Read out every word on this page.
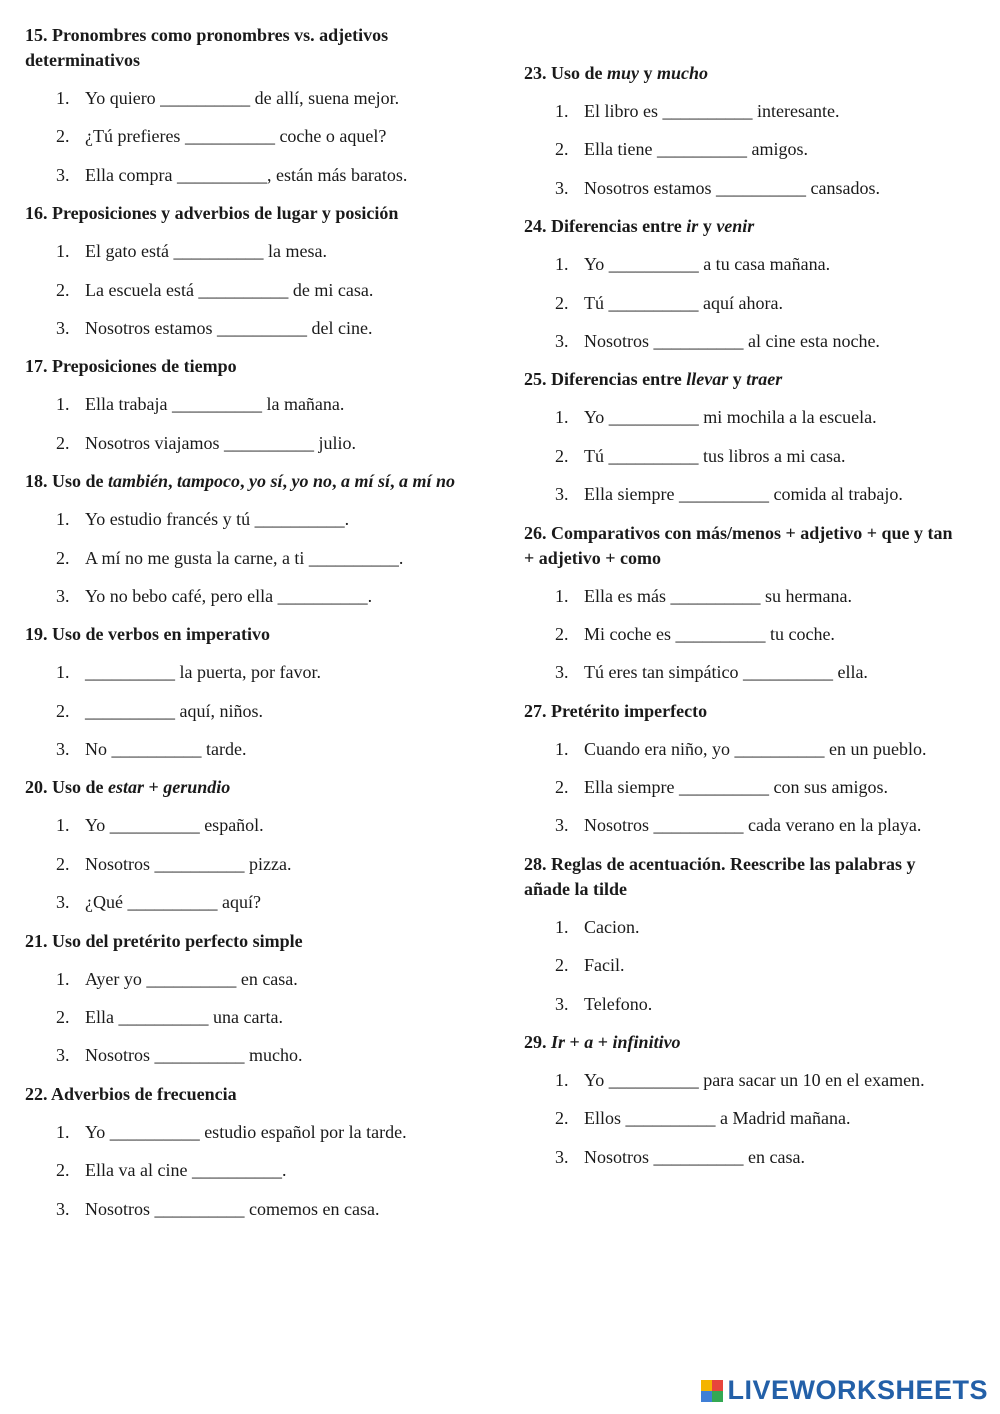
15. Pronombres como pronombres vs. adjetivos determinativos
1. Yo quiero __________ de allí, suena mejor.
2. ¿Tú prefieres __________ coche o aquel?
3. Ella compra __________, están más baratos.
16. Preposiciones y adverbios de lugar y posición
1. El gato está __________ la mesa.
2. La escuela está __________ de mi casa.
3. Nosotros estamos __________ del cine.
17. Preposiciones de tiempo
1. Ella trabaja __________ la mañana.
2. Nosotros viajamos __________ julio.
18. Uso de también, tampoco, yo sí, yo no, a mí sí, a mí no
1. Yo estudio francés y tú __________.
2. A mí no me gusta la carne, a ti __________.
3. Yo no bebo café, pero ella __________.
19. Uso de verbos en imperativo
1. __________ la puerta, por favor.
2. __________ aquí, niños.
3. No __________ tarde.
20. Uso de estar + gerundio
1. Yo __________ español.
2. Nosotros __________ pizza.
3. ¿Qué __________ aquí?
21. Uso del pretérito perfecto simple
1. Ayer yo __________ en casa.
2. Ella __________ una carta.
3. Nosotros __________ mucho.
22. Adverbios de frecuencia
1. Yo __________ estudio español por la tarde.
2. Ella va al cine __________.
3. Nosotros __________ comemos en casa.
23. Uso de muy y mucho
1. El libro es __________ interesante.
2. Ella tiene __________ amigos.
3. Nosotros estamos __________ cansados.
24. Diferencias entre ir y venir
1. Yo __________ a tu casa mañana.
2. Tú __________ aquí ahora.
3. Nosotros __________ al cine esta noche.
25. Diferencias entre llevar y traer
1. Yo __________ mi mochila a la escuela.
2. Tú __________ tus libros a mi casa.
3. Ella siempre __________ comida al trabajo.
26. Comparativos con más/menos + adjetivo + que y tan + adjetivo + como
1. Ella es más __________ su hermana.
2. Mi coche es __________ tu coche.
3. Tú eres tan simpático __________ ella.
27. Pretérito imperfecto
1. Cuando era niño, yo __________ en un pueblo.
2. Ella siempre __________ con sus amigos.
3. Nosotros __________ cada verano en la playa.
28. Reglas de acentuación. Reescribe las palabras y añade la tilde
1. Cacion.
2. Facil.
3. Telefono.
29. Ir + a + infinitivo
1. Yo __________ para sacar un 10 en el examen.
2. Ellos __________ a Madrid mañana.
3. Nosotros __________ en casa.
LIVEWORKSHEETS
